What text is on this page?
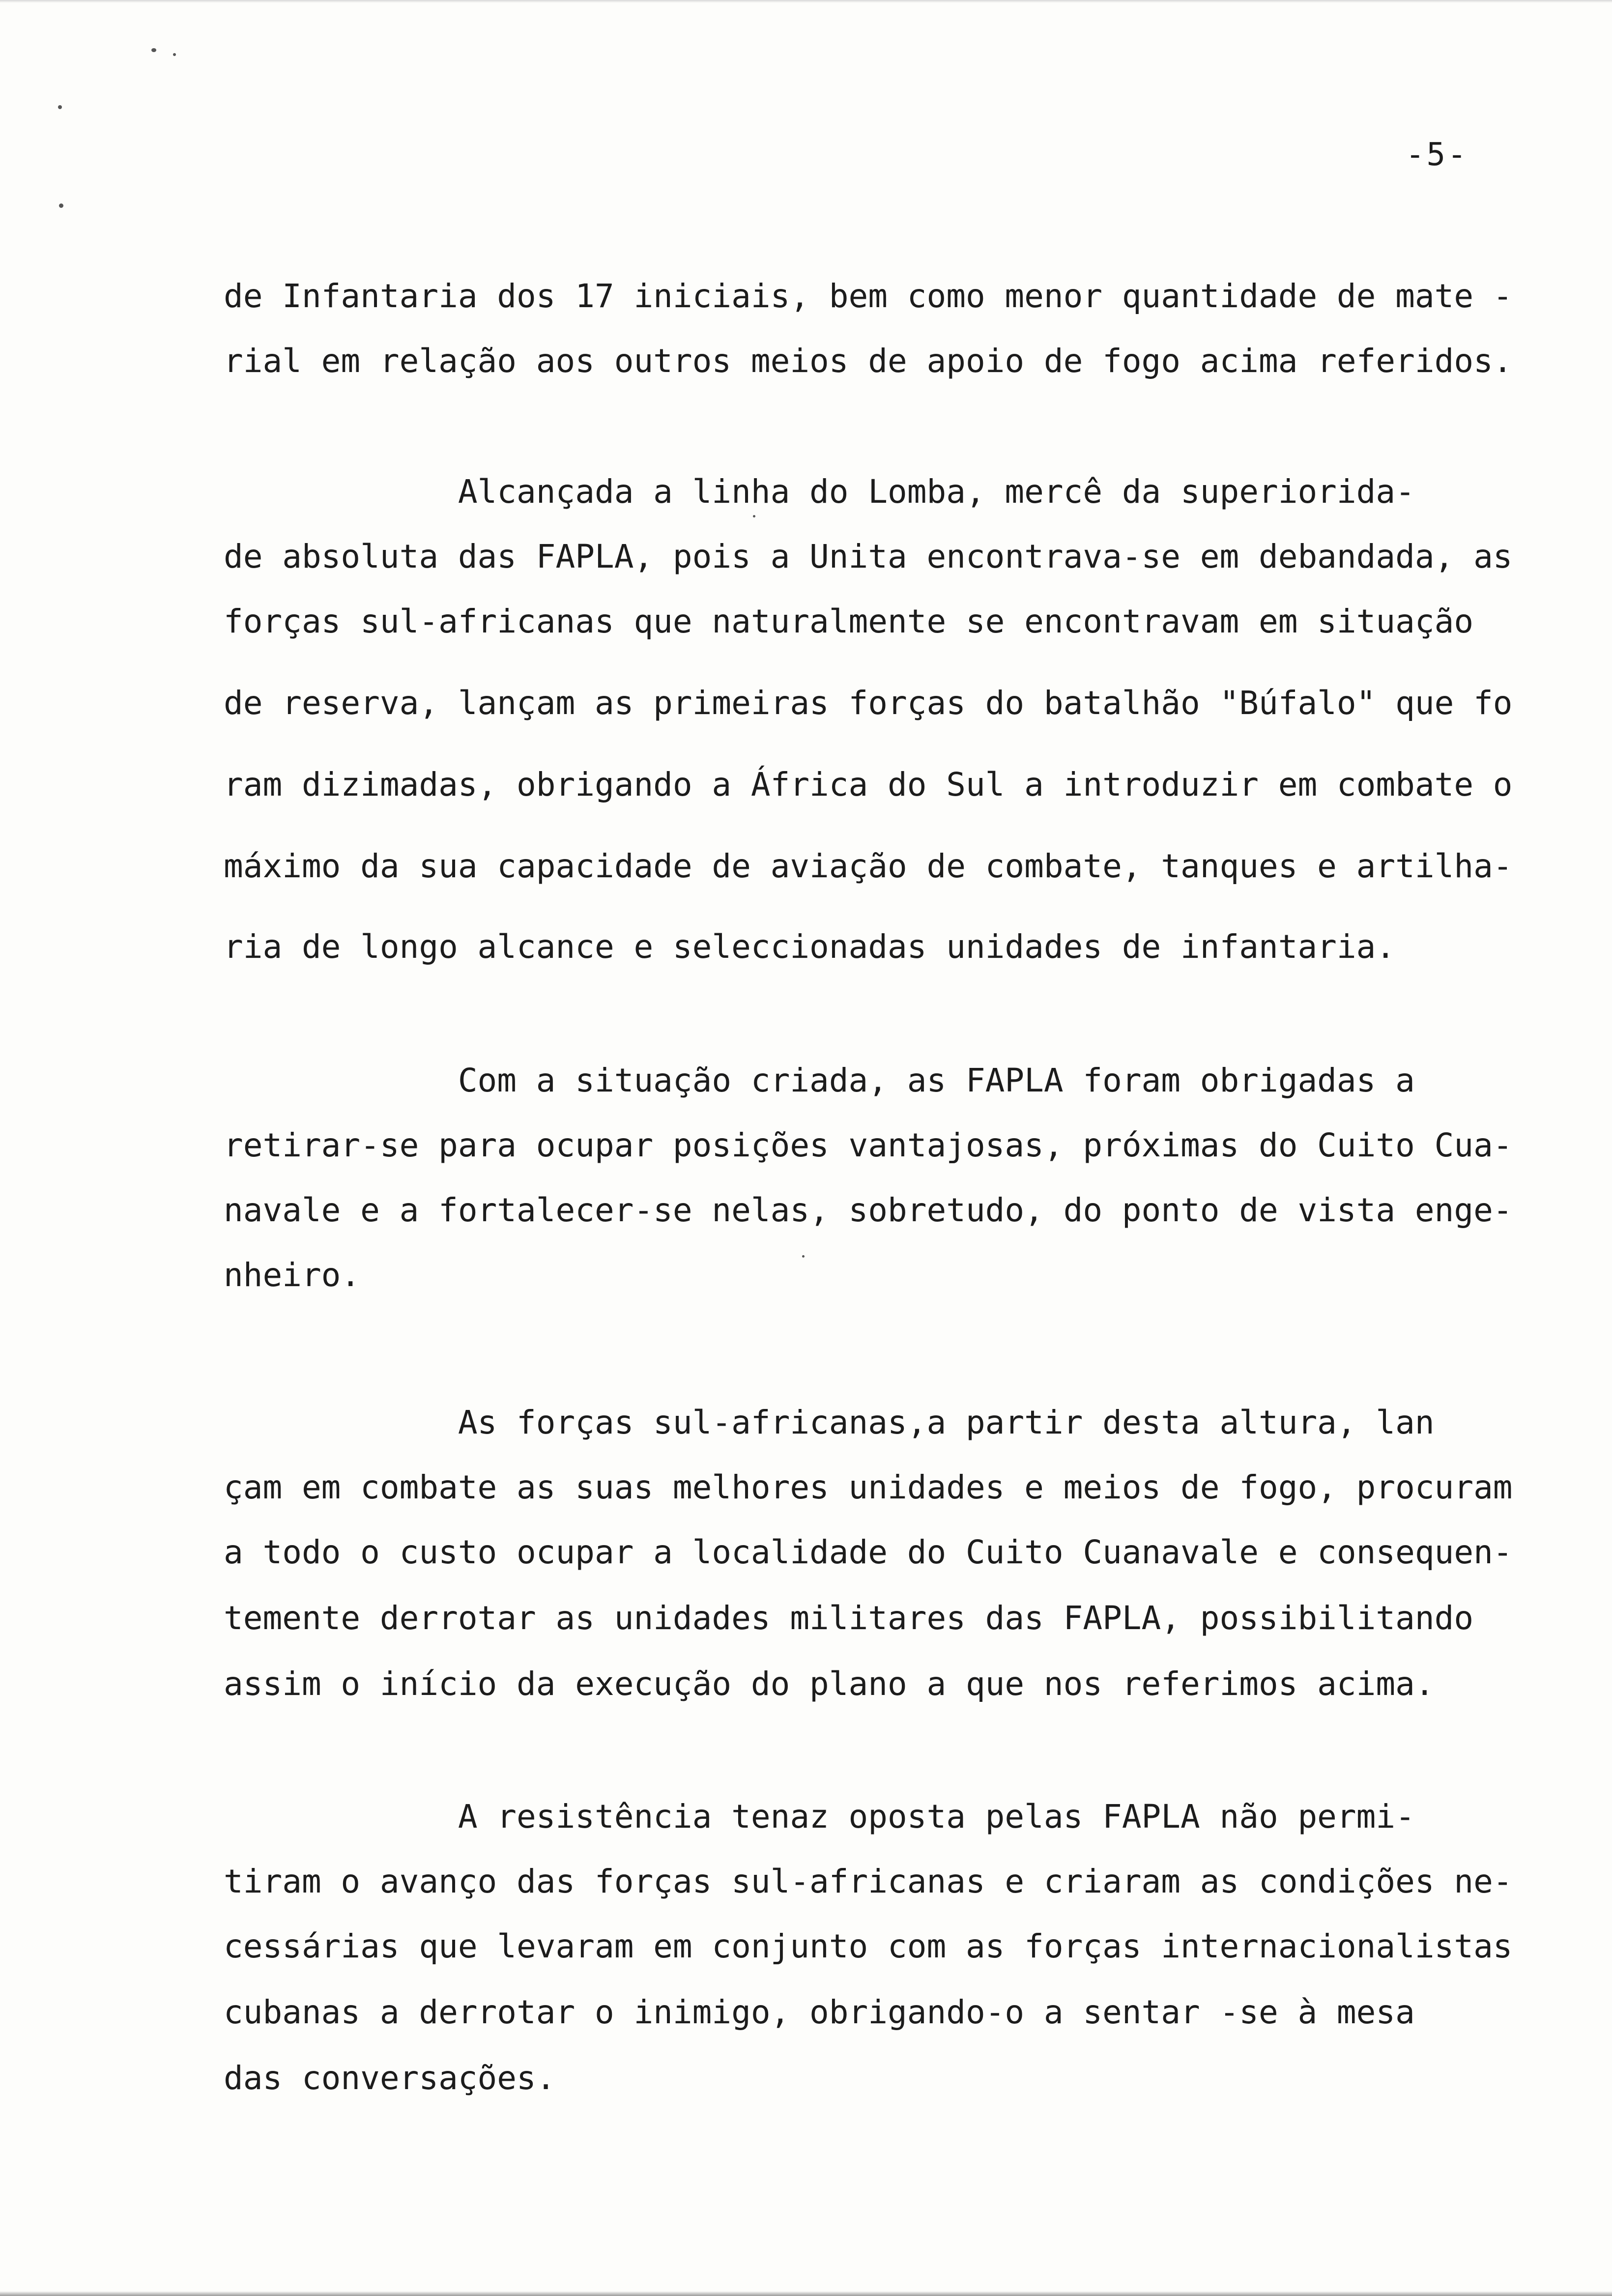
-5-
de Infantaria dos 17 iniciais, bem como menor quantidade de mate -
rial em relação aos outros meios de apoio de fogo acima referidos.
Alcançada a linha do Lomba, mercê da superiorida-
de absoluta das FAPLA, pois a Unita encontrava-se em debandada, as
forças sul-africanas que naturalmente se encontravam em situação
de reserva, lançam as primeiras forças do batalhão "Búfalo" que fo
ram dizimadas, obrigando a África do Sul a introduzir em combate o
máximo da sua capacidade de aviação de combate, tanques e artilha-
ria de longo alcance e seleccionadas unidades de infantaria.
Com a situação criada, as FAPLA foram obrigadas a
retirar-se para ocupar posições vantajosas, próximas do Cuito Cua-
navale e a fortalecer-se nelas, sobretudo, do ponto de vista enge-
nheiro.
As forças sul-africanas,a partir desta altura, lan
çam em combate as suas melhores unidades e meios de fogo, procuram
a todo o custo ocupar a localidade do Cuito Cuanavale e consequen-
temente derrotar as unidades militares das FAPLA, possibilitando
assim o início da execução do plano a que nos referimos acima.
A resistência tenaz oposta pelas FAPLA não permi-
tiram o avanço das forças sul-africanas e criaram as condições ne-
cessárias que levaram em conjunto com as forças internacionalistas
cubanas a derrotar o inimigo, obrigando-o a sentar -se à mesa
das conversações.
